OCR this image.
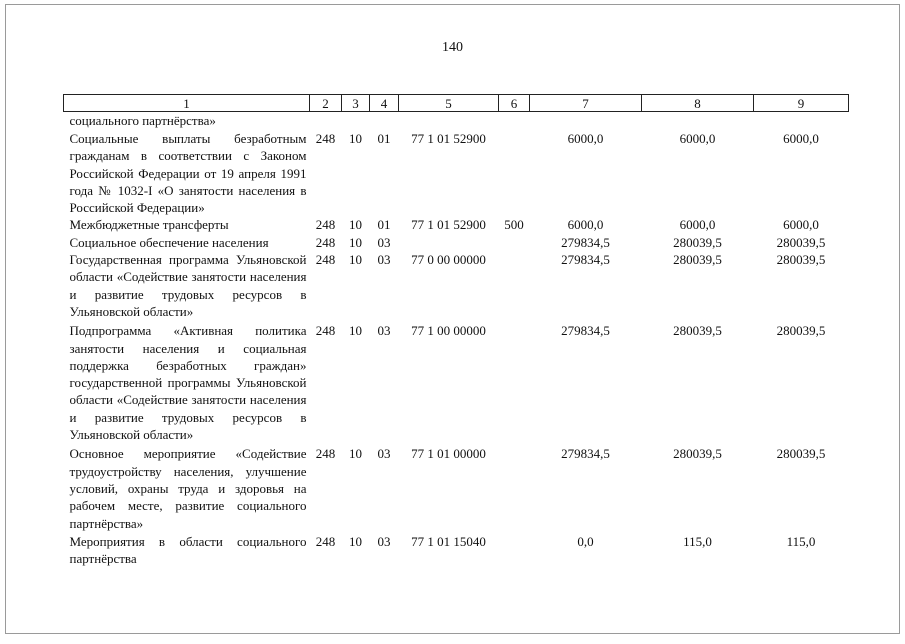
140
1	2	3	4	5	6	7	8	9
социального партнёрства»								
Социальные выплаты безработным гражданам в соответствии с Законом Российской Федерации от 19 апреля 1991 года № 1032-I «О занятости населения в Российской Федерации»	248	10	01	77 1 01 52900		6000,0	6000,0	6000,0
Межбюджетные трансферты	248	10	01	77 1 01 52900	500	6000,0	6000,0	6000,0
Социальное обеспечение населения	248	10	03			279834,5	280039,5	280039,5
Государственная программа Ульяновской области «Содействие занятости населения и развитие трудовых ресурсов в Ульяновской области»	248	10	03	77 0 00 00000		279834,5	280039,5	280039,5
Подпрограмма «Активная политика занятости населения и социальная поддержка безработных граждан» государственной программы Ульяновской области «Содействие занятости населения и развитие трудовых ресурсов в Ульяновской области»	248	10	03	77 1 00 00000		279834,5	280039,5	280039,5
Основное мероприятие «Содействие трудоустройству населения, улучшение условий, охраны труда и здоровья на рабочем месте, развитие социального партнёрства»	248	10	03	77 1 01 00000		279834,5	280039,5	280039,5
Мероприятия в области социального партнёрства	248	10	03	77 1 01 15040		0,0	115,0	115,0
